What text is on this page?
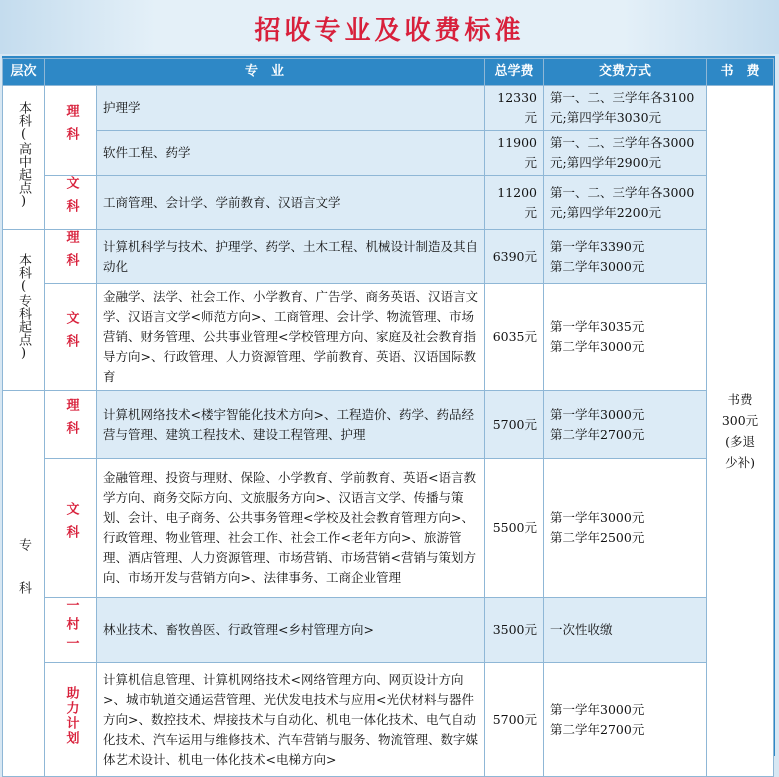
招收专业及收费标准
层次	专　业		总学费	交费方式	书　费
本科(高中起点)	理科	护理学	12330元	第一、二、三学年各3100元;第四学年3030元	书费300元(多退少补)
		软件工程、药学	11900元	第一、二、三学年各3000元;第四学年2900元	
	文科	工商管理、会计学、学前教育、汉语言文学	11200元	第一、二、三学年各3000元;第四学年2200元	
本科(专科起点)	理科	计算机科学与技术、护理学、药学、土木工程、机械设计制造及其自动化	6390元	第一学年3390元
第二学年3000元	
	文科	金融学、法学、社会工作、小学教育、广告学、商务英语、汉语言文学、汉语言文学<师范方向>、工商管理、会计学、物流管理、市场营销、财务管理、公共事业管理<学校管理方向、家庭及社会教育指导方向>、行政管理、人力资源管理、学前教育、英语、汉语国际教育	6035元	第一学年3035元
第二学年3000元	
专科	理科	计算机网络技术<楼宇智能化技术方向>、工程造价、药学、药品经营与管理、建筑工程技术、建设工程管理、护理	5700元	第一学年3000元
第二学年2700元	
	文科	金融管理、投资与理财、保险、小学教育、学前教育、英语<语言教学方向、商务交际方向、文旅服务方向>、汉语言文学、传播与策划、会计、电子商务、公共事务管理<学校及社会教育管理方向>、行政管理、物业管理、社会工作、社会工作<老年方向>、旅游管理、酒店管理、人力资源管理、市场营销、市场营销<营销与策划方向、市场开发与营销方向>、法律事务、工商企业管理	5500元	第一学年3000元
第二学年2500元	
	一村一	林业技术、畜牧兽医、行政管理<乡村管理方向>	3500元	一次性收缴	
	助力计划	计算机信息管理、计算机网络技术<网络管理方向、网页设计方向>、城市轨道交通运营管理、光伏发电技术与应用<光伏材料与器件方向>、数控技术、焊接技术与自动化、机电一体化技术、电气自动化技术、汽车运用与维修技术、汽车营销与服务、物流管理、数字媒体艺术设计、机电一体化技术<电梯方向>	5700元	第一学年3000元
第二学年2700元	
